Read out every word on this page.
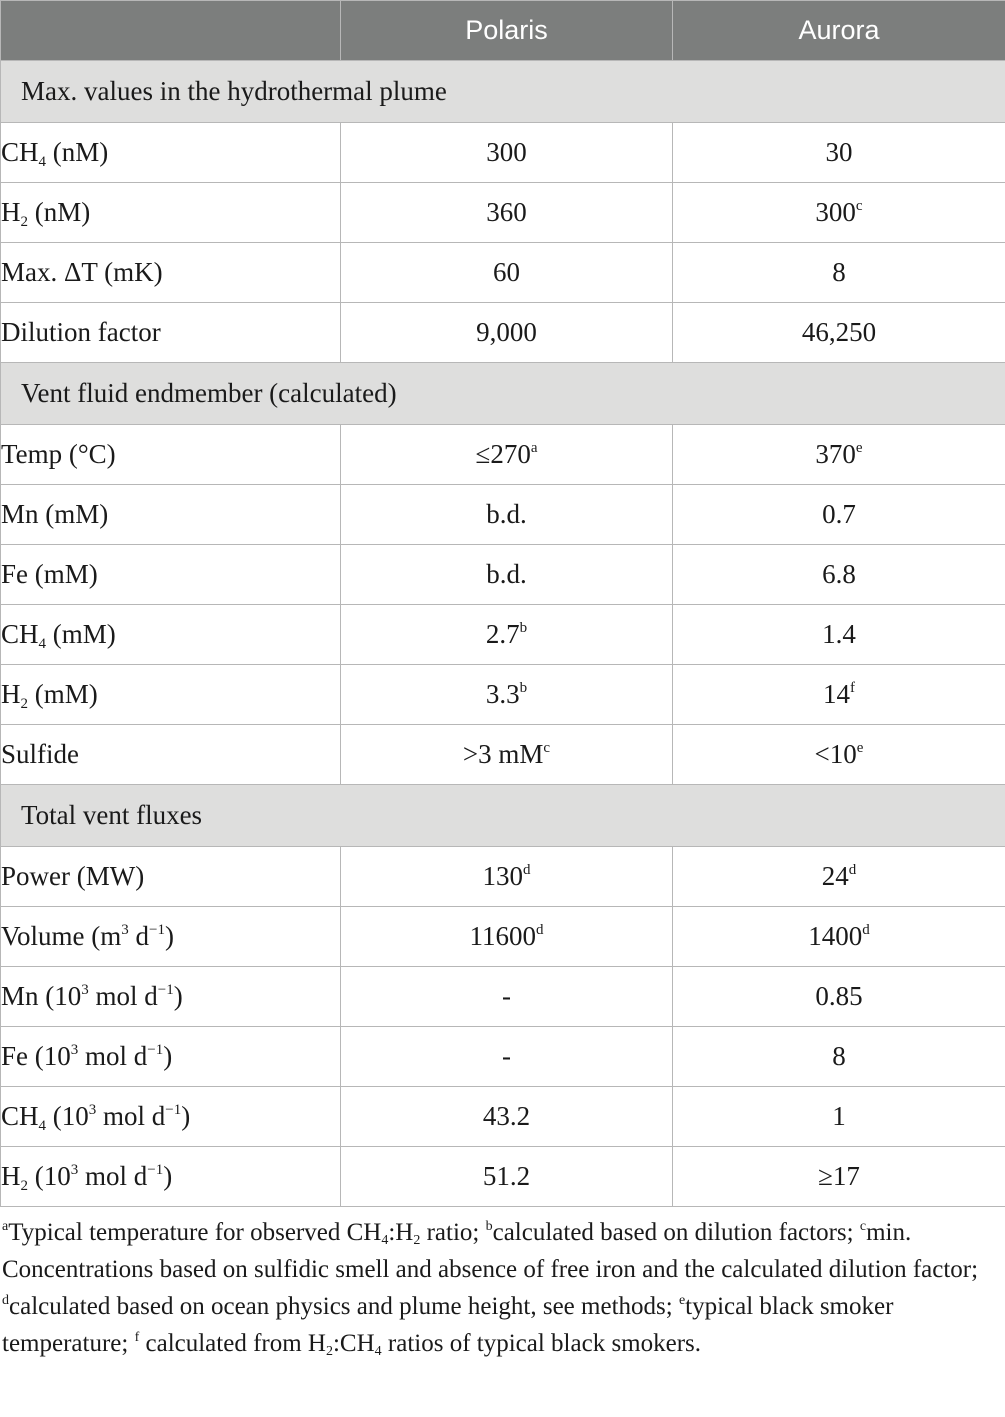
	Polaris	Aurora
Max. values in the hydrothermal plume		
$CH_4$ (nM)	300	30
$H_2$ (nM)	360	300$^c$
Max. ΔT (mK)	60	8
Dilution factor	9,000	46,250
Vent fluid endmember (calculated)		
Temp (°C)	$\le 270^a$	370e
Mn (mM)	b.d.	0.7
Fe (mM)	b.d.	6.8
$CH_4$ (mM)	2.7$^b$	1.4
$H_2$ (mM)	3.3$^b$	14$^f$
Sulfide	>3 $mM^c$	$<10^e$
Total vent fluxes		
Power (MW)	130$^d$	24$^d$
Volume ($m^3$ $d^{-1}$)	11600$^d$	1400$^d$
Mn ($10^3$ mol $d^{-1}$)	-	0.85
Fe ($10^3$ mol $d^{-1}$)	-	8
$CH_4$ ($10^3$ mol $d^{-1}$)	43.2	1
$H_2$ ($10^3$ mol $d^{-1}$)	51.2	≥17
$^a$Typical temperature for observed $CH_4:H_2$ ratio; $^b$calculated based on dilution factors; $^c$min. Concentrations based on sulfidic smell and absence of free iron and the calculated dilution factor; $^d$calculated based on ocean physics and plume height, see methods; $^e$typical black smoker temperature; $^f$ calculated from $H_2:CH_4$ ratios of typical black smokers.
